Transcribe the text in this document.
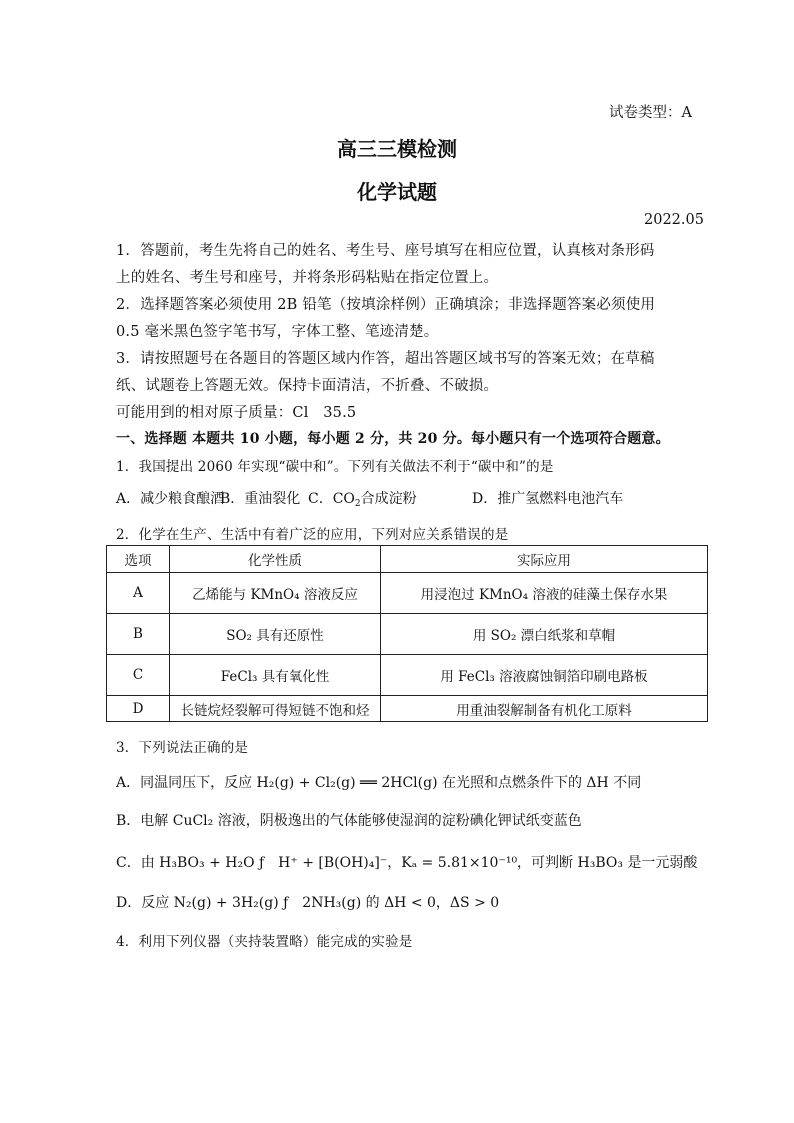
试卷类型：A
高三三模检测
化学试题
2022.05
1．答题前，考生先将自己的姓名、考生号、座号填写在相应位置，认真核对条形码
上的姓名、考生号和座号，并将条形码粘贴在指定位置上。
2．选择题答案必须使用 2B 铅笔（按填涂样例）正确填涂；非选择题答案必须使用
0.5 毫米黑色签字笔书写，字体工整、笔迹清楚。
3．请按照题号在各题目的答题区域内作答，超出答题区域书写的答案无效；在草稿
纸、试题卷上答题无效。保持卡面清洁，不折叠、不破损。
可能用到的相对原子质量：Cl　35.5
一、选择题 本题共 10 小题，每小题 2 分，共 20 分。每小题只有一个选项符合题意。
1．我国提出 2060 年实现“碳中和”。下列有关做法不利于“碳中和”的是
A．减少粮食酿酒
B．重油裂化 C．$CO_2$合成淀粉	D．推广氢燃料电池汽车
2．化学在生产、生活中有着广泛的应用，下列对应关系错误的是
选项	化学性质	实际应用
A	乙烯能与 KMnO₄ 溶液反应	用浸泡过 KMnO₄ 溶液的硅藻土保存水果
B	SO₂ 具有还原性	用 SO₂ 漂白纸浆和草帽
C	FeCl₃ 具有氧化性	用 FeCl₃ 溶液腐蚀铜箔印刷电路板
D	长链烷烃裂解可得短链不饱和烃	用重油裂解制备有机化工原料
3．下列说法正确的是
A．同温同压下，反应 H₂(g) + Cl₂(g) ══ 2HCl(g) 在光照和点燃条件下的 ΔH 不同
B．电解 CuCl₂ 溶液，阴极逸出的气体能够使湿润的淀粉碘化钾试纸变蓝色
C．由 H₃BO₃ + H₂O ƒ　H⁺ + [B(OH)₄]⁻，Kₐ = 5.81×10⁻¹⁰，可判断 H₃BO₃ 是一元弱酸
D．反应 N₂(g) + 3H₂(g) ƒ　2NH₃(g) 的 ΔH < 0，ΔS > 0
4．利用下列仪器（夹持装置略）能完成的实验是
